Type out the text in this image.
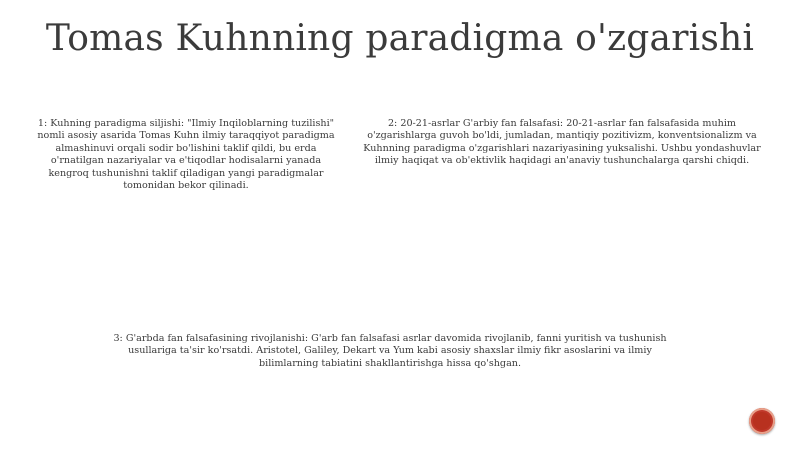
Tomas Kuhnning paradigma o'zgarishi
1: Kuhning paradigma siljishi: "Ilmiy Inqiloblarning tuzilishi" nomli asosiy asarida Tomas Kuhn ilmiy taraqqiyot paradigma almashinuvi orqali sodir bo'lishini taklif qildi, bu erda o'rnatilgan nazariyalar va e'tiqodlar hodisalarni yanada kengroq tushunishni taklif qiladigan yangi paradigmalar tomonidan bekor qilinadi.
2: 20-21-asrlar G'arbiy fan falsafasi: 20-21-asrlar fan falsafasida muhim o'zgarishlarga guvoh bo'ldi, jumladan, mantiqiy pozitivizm, konventsionalizm va Kuhnning paradigma o'zgarishlari nazariyasining yuksalishi. Ushbu yondashuvlar ilmiy haqiqat va ob'ektivlik haqidagi an'anaviy tushunchalarga qarshi chiqdi.
3: G'arbda fan falsafasining rivojlanishi: G'arb fan falsafasi asrlar davomida rivojlanib, fanni yuritish va tushunish usullariga ta'sir ko'rsatdi. Aristotel, Galiley, Dekart va Yum kabi asosiy shaxslar ilmiy fikr asoslarini va ilmiy bilimlarning tabiatini shakllantirishga hissa qo'shgan.
